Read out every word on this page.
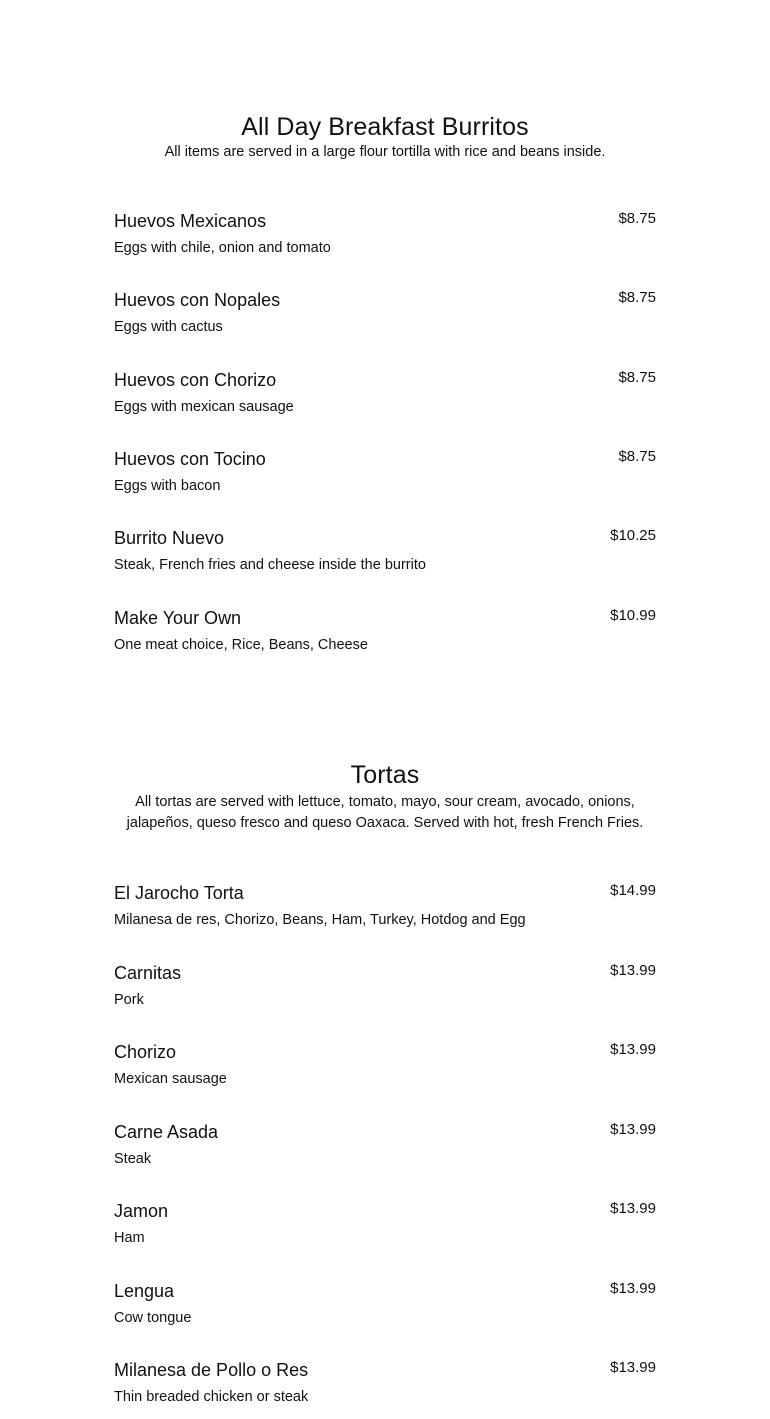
All Day Breakfast Burritos

All items are served in a large flour tortilla with rice and beans inside.

Huevos Mexicanos	$8.75
Eggs with chile, onion and tomato
Huevos con Nopales	$8.75
Eggs with cactus
Huevos con Chorizo	$8.75
Eggs with mexican sausage
Huevos con Tocino	$8.75
Eggs with bacon
Burrito Nuevo	$10.25
Steak, French fries and cheese inside the burrito
Make Your Own	$10.99
One meat choice, Rice, Beans, Cheese
Tortas

All tortas are served with lettuce, tomato, mayo, sour cream, avocado, onions,

jalapeños, queso fresco and queso Oaxaca. Served with hot, fresh French Fries.

El Jarocho Torta	$14.99
Milanesa de res, Chorizo, Beans, Ham, Turkey, Hotdog and Egg
Carnitas	$13.99
Pork
Chorizo	$13.99
Mexican sausage
Carne Asada	$13.99
Steak
Jamon	$13.99
Ham
Lengua	$13.99
Cow tongue
Milanesa de Pollo o Res	$13.99
Thin breaded chicken or steak
